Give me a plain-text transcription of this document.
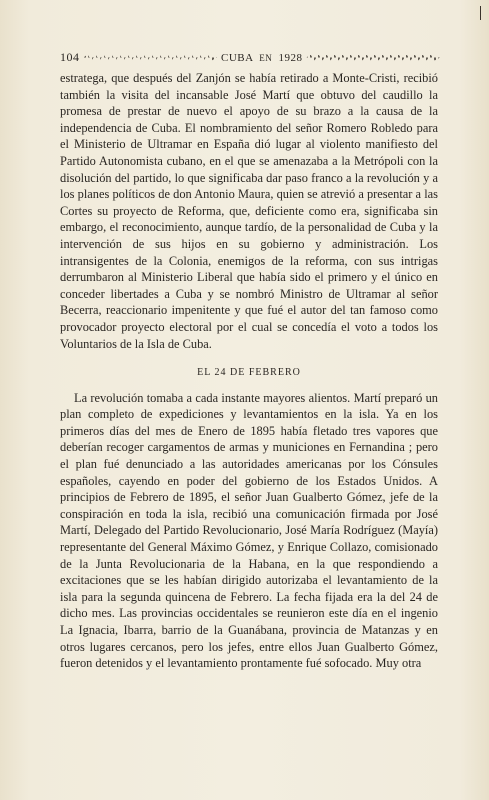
104	CUBA EN 1928

estrategа, que después del Zanjón se había retirado a Monte-Cristi, recibió también la visita del incansable José Martí que obtuvo del caudillo la promesa de prestar de nuevo el apoyo de su brazo a la causa de la independencia de Cuba. El nombramiento del señor Romero Robledo para el Ministerio de Ultramar en España dió lugar al violento manifiesto del Partido Autonomista cubano, en el que se amenazaba a la Metrópoli con la disolución del partido, lo que significaba dar paso franco a la revolución y a los planes políticos de don Antonio Maura, quien se atrevió a presentar a las Cortes su proyecto de Reforma, que, deficiente como era, significaba sin embargo, el reconocimiento, aunque tardío, de la personalidad de Cuba y la intervención de sus hijos en su gobierno y administración. Los intransigentes de la Colonia, enemigos de la reforma, con sus intrigas derrumbaron al Ministerio Liberal que había sido el primero y el único en conceder libertades a Cuba y se nombró Ministro de Ultramar al señor Becerra, reaccionario impenitente y que fué el autor del tan famoso como provocador proyecto electoral por el cual se concedía el voto a todos los Voluntarios de la Isla de Cuba.

EL 24 DE FEBRERO

La revolución tomaba a cada instante mayores alientos. Martí preparó un plan completo de expediciones y levantamientos en la isla. Ya en los primeros días del mes de Enero de 1895 había fletado tres vapores que deberían recoger cargamentos de armas y municiones en Fernandina ; pero el plan fué denunciado a las autoridades americanas por los Cónsules españoles, cayendo en poder del gobierno de los Estados Unidos. A principios de Febrero de 1895, el señor Juan Gualberto Gómez, jefe de la conspiración en toda la isla, recibió una comunicación firmada por José Martí, Delegado del Partido Revolucionario, José María Rodríguez (Mayía) representante del General Máximo Gómez, y Enrique Collazo, comisionado de la Junta Revolucionaria de la Habana, en la que respondiendo a excitaciones que se les habían dirigido autorizaba el levantamiento de la isla para la segunda quincena de Febrero. La fecha fijada era la del 24 de dicho mes. Las provincias occidentales se reunieron este día en el ingenio La Ignacia, Ibarra, barrio de la Guanábana, provincia de Matanzas y en otros lugares cercanos, pero los jefes, entre ellos Juan Gualberto Gómez, fueron detenidos y el levantamiento prontamente fué sofocado. Muy otra
